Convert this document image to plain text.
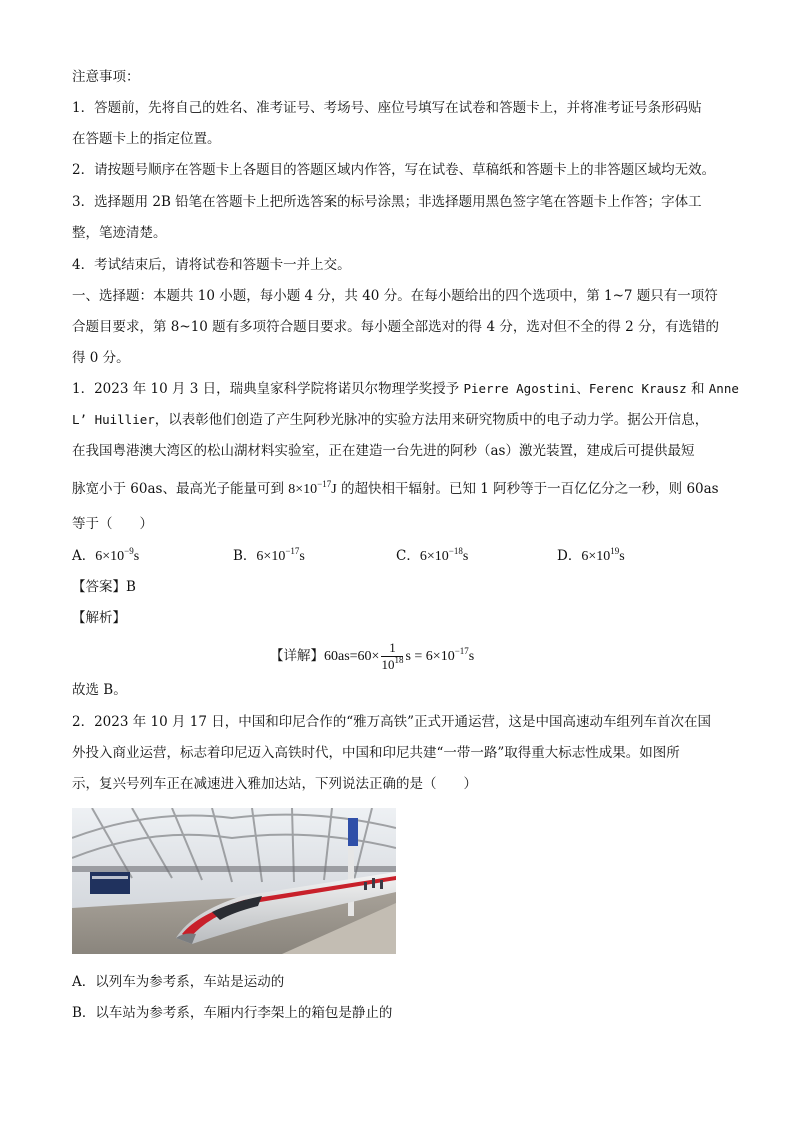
注意事项：
1．答题前，先将自己的姓名、准考证号、考场号、座位号填写在试卷和答题卡上，并将准考证号条形码贴
在答题卡上的指定位置。
2．请按题号顺序在答题卡上各题目的答题区域内作答，写在试卷、草稿纸和答题卡上的非答题区域均无效。
3．选择题用 2B 铅笔在答题卡上把所选答案的标号涂黑；非选择题用黑色签字笔在答题卡上作答；字体工
整，笔迹清楚。
4．考试结束后，请将试卷和答题卡一并上交。
一、选择题：本题共 10 小题，每小题 4 分，共 40 分。在每小题给出的四个选项中，第 1~7 题只有一项符
合题目要求，第 8~10 题有多项符合题目要求。每小题全部选对的得 4 分，选对但不全的得 2 分，有选错的
得 0 分。
1．2023 年 10 月 3 日，瑞典皇家科学院将诺贝尔物理学奖授予 Pierre Agostini、Ferenc Krausz 和 Anne
L’ Huillier，以表彰他们创造了产生阿秒光脉冲的实验方法用来研究物质中的电子动力学。据公开信息，
在我国粤港澳大湾区的松山湖材料实验室，正在建造一台先进的阿秒（as）激光装置，建成后可提供最短
脉宽小于 60as、最高光子能量可到 $8\times 10^{-17}J$ 的超快相干辐射。已知 1 阿秒等于一百亿亿分之一秒，则 60as
等于（　　）
A．$6\times 10^{-9}s$	B．$6\times 10^{-17}s$	C．$6\times 10^{-18}s$	D．$6\times 10^{19}s$
【答案】B
【解析】
【详解】$60as=60\times \frac{1}{10^{18}}$ $s = 6\times 10^{-17}s$
故选 B。
2．2023 年 10 月 17 日，中国和印尼合作的“雅万高铁”正式开通运营，这是中国高速动车组列车首次在国
外投入商业运营，标志着印尼迈入高铁时代，中国和印尼共建“一带一路”取得重大标志性成果。如图所
示，复兴号列车正在减速进入雅加达站，下列说法正确的是（　　）
A．以列车为参考系，车站是运动的
B．以车站为参考系，车厢内行李架上的箱包是静止的
